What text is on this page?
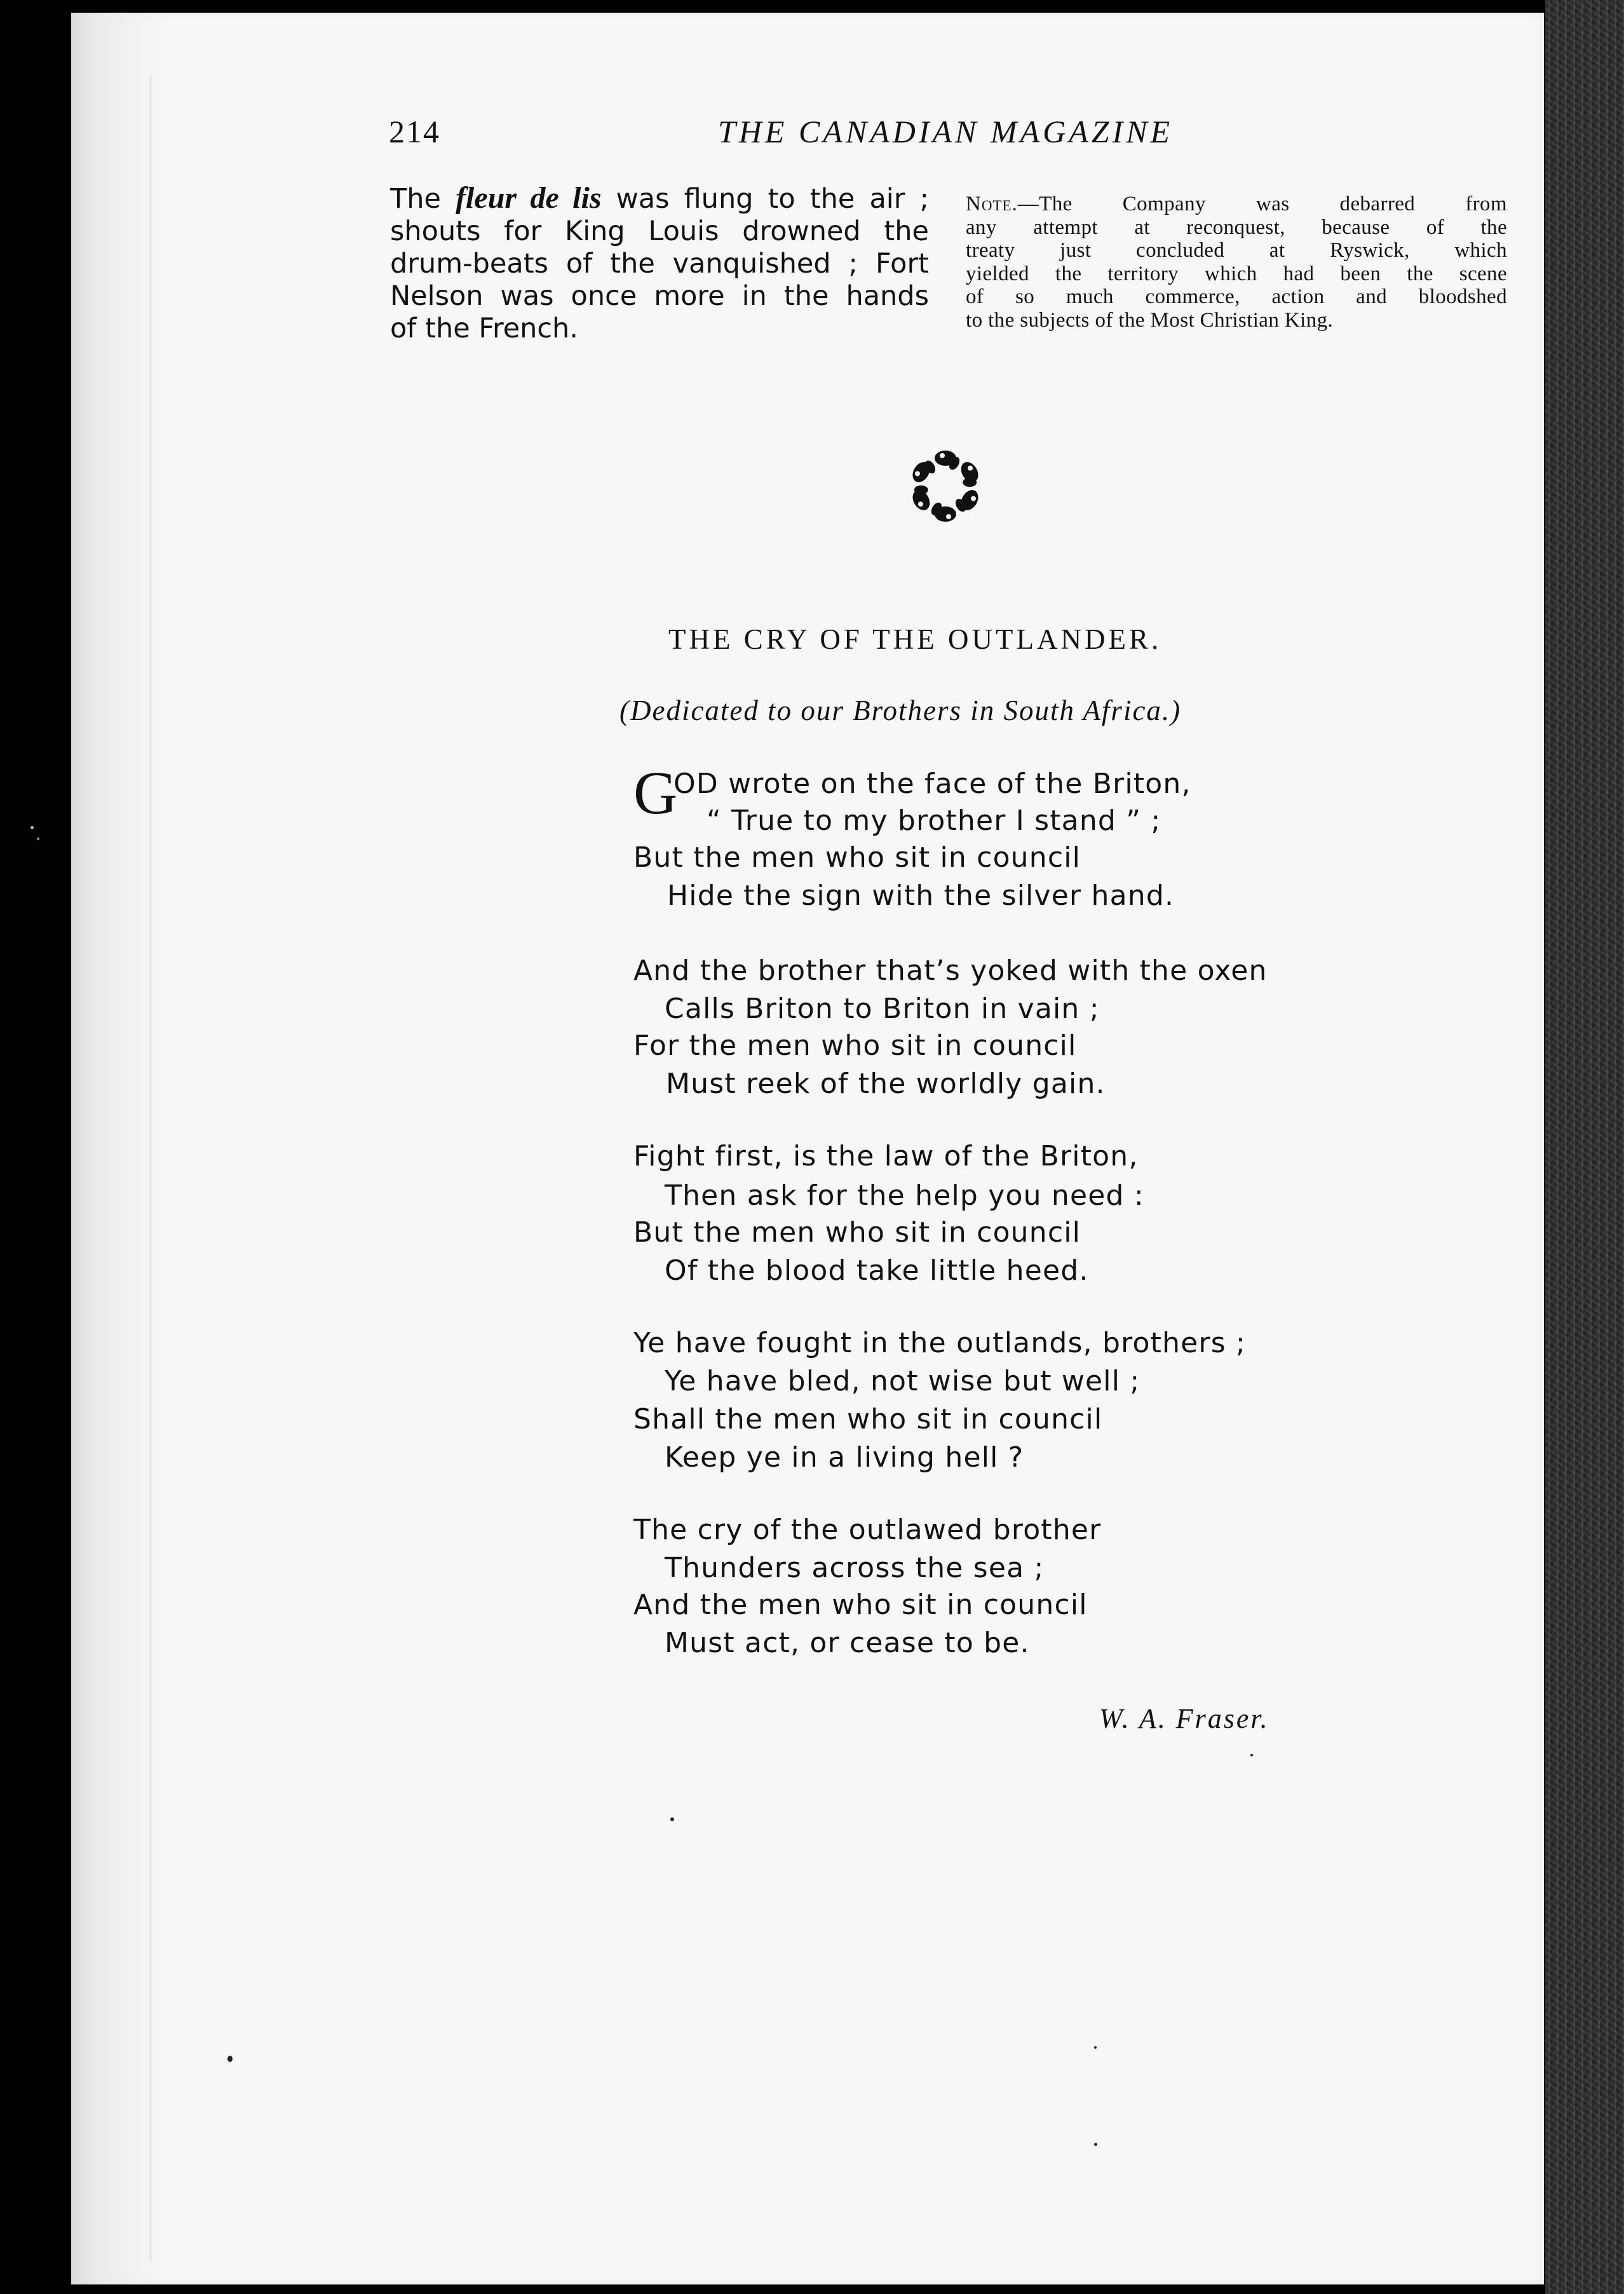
214	THE CANADIAN MAGAZINE
The fleur de lis was flung to the air ;
shouts for King Louis drowned the
drum-beats of the vanquished ; Fort
Nelson was once more in the hands
of the French.
Note.—The Company was debarred from
any attempt at reconquest, because of the
treaty just concluded at Ryswick, which
yielded the territory which had been the scene
of so much commerce, action and bloodshed
to the subjects of the Most Christian King.
THE CRY OF THE OUTLANDER.
(Dedicated to our Brothers in South Africa.)
G
OD wrote on the face of the Briton,
“ True to my brother I stand ” ;
But the men who sit in council
Hide the sign with the silver hand.
And the brother that’s yoked with the oxen
Calls Briton to Briton in vain ;
For the men who sit in council
Must reek of the worldly gain.
Fight first, is the law of the Briton,
Then ask for the help you need :
But the men who sit in council
Of the blood take little heed.
Ye have fought in the outlands, brothers ;
Ye have bled, not wise but well ;
Shall the men who sit in council
Keep ye in a living hell ?
The cry of the outlawed brother
Thunders across the sea ;
And the men who sit in council
Must act, or cease to be.
W. A. Fraser.
